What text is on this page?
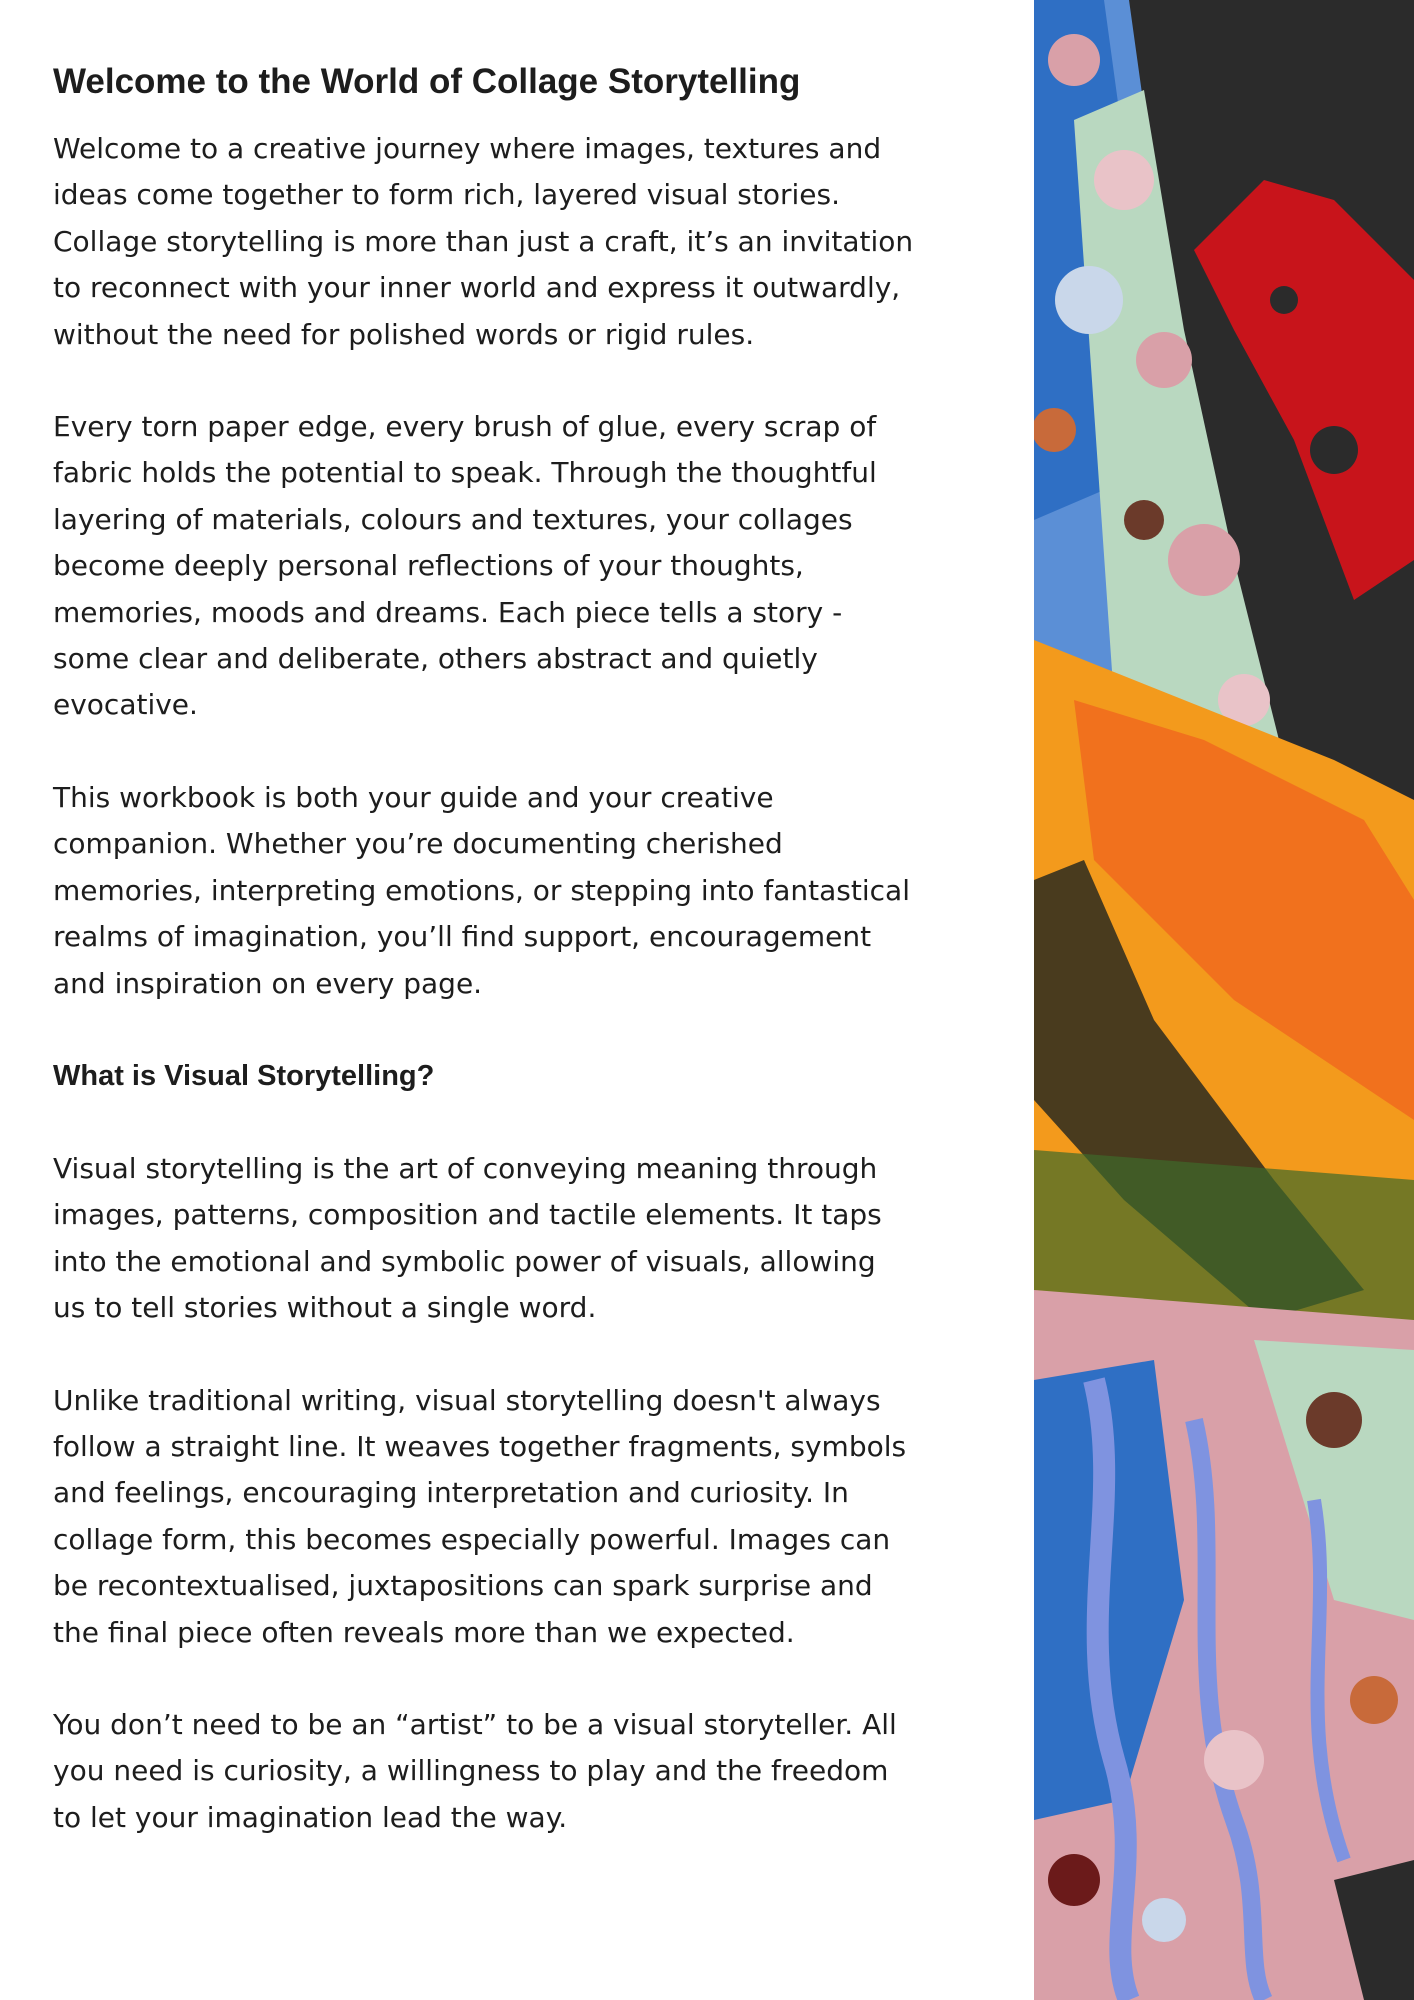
Welcome to the World of Collage Storytelling
Welcome to a creative journey where images, textures and
ideas come together to form rich, layered visual stories.
Collage storytelling is more than just a craft, it’s an invitation
to reconnect with your inner world and express it outwardly,
without the need for polished words or rigid rules.
Every torn paper edge, every brush of glue, every scrap of
fabric holds the potential to speak. Through the thoughtful
layering of materials, colours and textures, your collages
become deeply personal reflections of your thoughts,
memories, moods and dreams. Each piece tells a story -
some clear and deliberate, others abstract and quietly
evocative.
This workbook is both your guide and your creative
companion. Whether you’re documenting cherished
memories, interpreting emotions, or stepping into fantastical
realms of imagination, you’ll find support, encouragement
and inspiration on every page.
What is Visual Storytelling?
Visual storytelling is the art of conveying meaning through
images, patterns, composition and tactile elements. It taps
into the emotional and symbolic power of visuals, allowing
us to tell stories without a single word.
Unlike traditional writing, visual storytelling doesn't always
follow a straight line. It weaves together fragments, symbols
and feelings, encouraging interpretation and curiosity. In
collage form, this becomes especially powerful. Images can
be recontextualised, juxtapositions can spark surprise and
the final piece often reveals more than we expected.
You don’t need to be an “artist” to be a visual storyteller. All
you need is curiosity, a willingness to play and the freedom
to let your imagination lead the way.
